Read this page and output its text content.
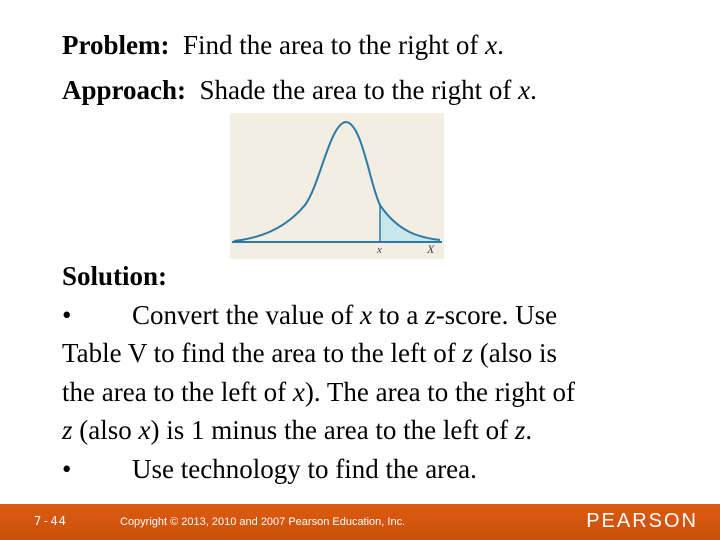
Problem: Find the area to the right of x.
Approach: Shade the area to the right of x.
x	X
Solution:
• Convert the value of x to a z-score. Use
Table V to find the area to the left of z (also is
the area to the left of x). The area to the right of
z (also x) is 1 minus the area to the left of z.
• Use technology to find the area.
7-44	Copyright © 2013, 2010 and 2007 Pearson Education, Inc.	PEARSON
